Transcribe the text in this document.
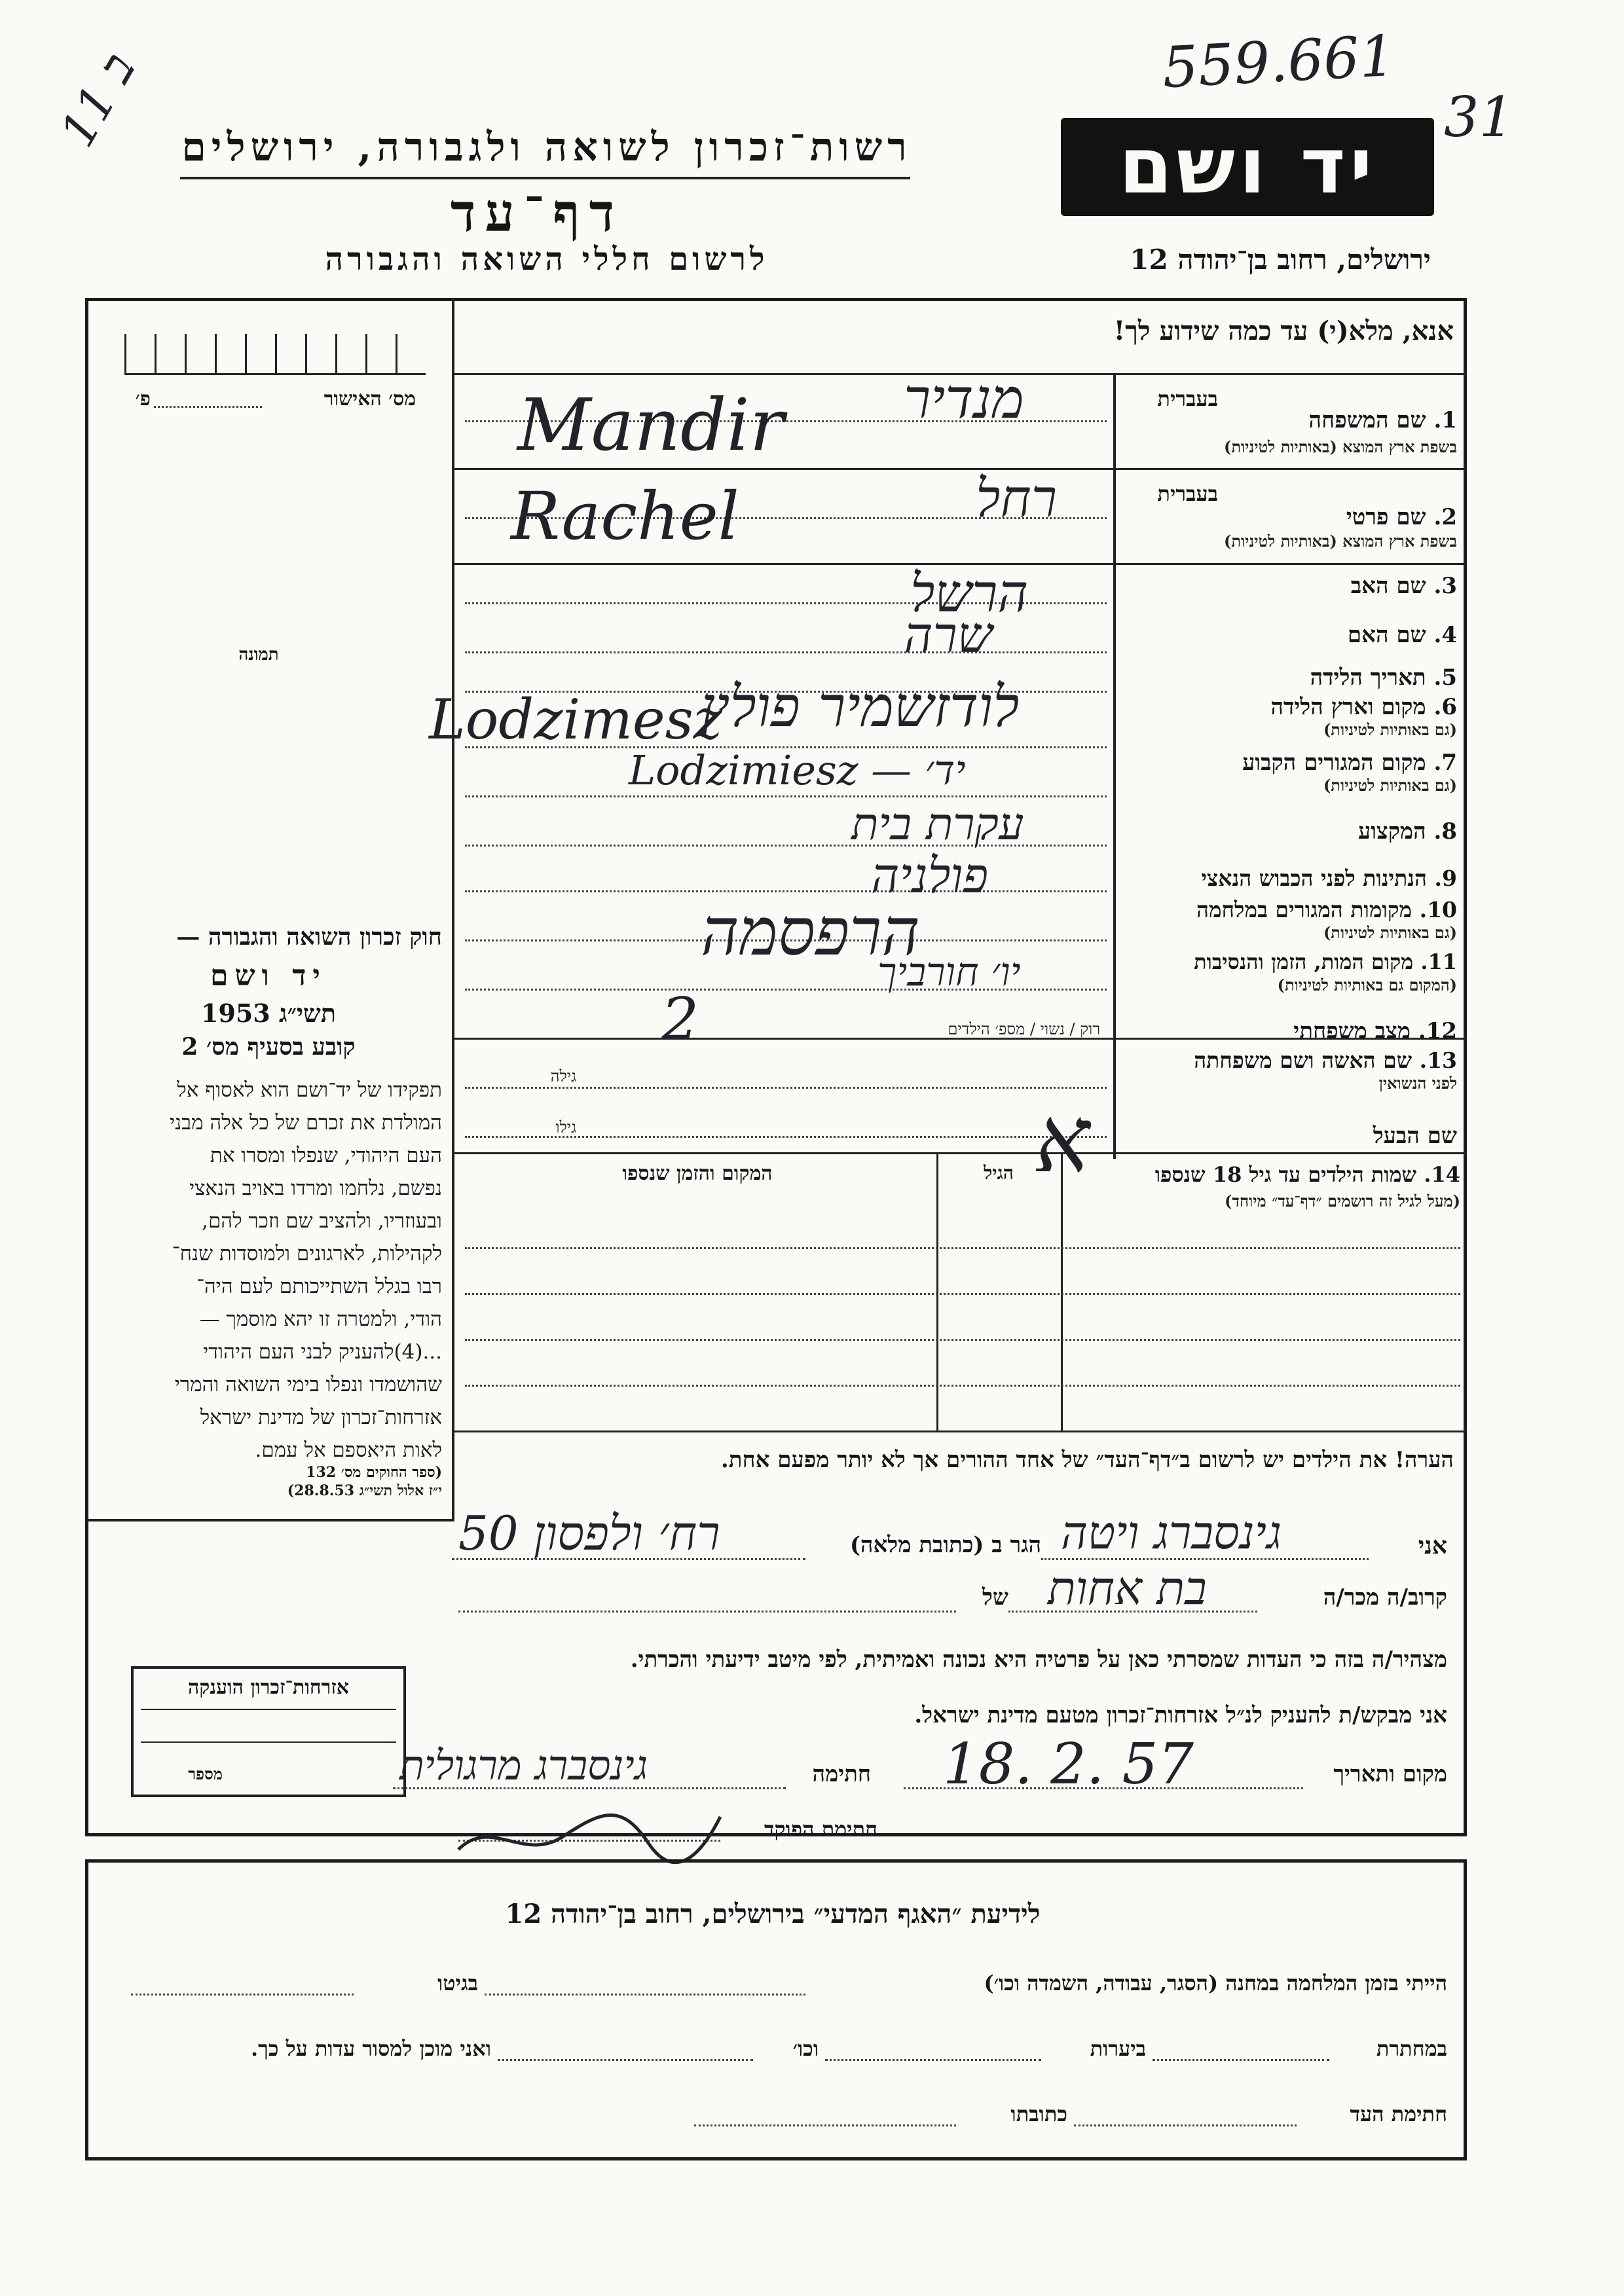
559.661
31
ב 11
יד ושם
רשות־זכרון לשואה ולגבורה, ירושלים
דף־עד
לרשום חללי השואה והגבורה	ירושלים, רחוב בן־יהודה 12
אנא, מלא(י) עד כמה שידוע לך!
מס׳ האישור
פ׳
תמונה
חוק זכרון השואה והגבורה —
יד ושם
תשי״ג 1953
קובע בסעיף מס׳ 2
תפקידו של יד־ושם הוא לאסוף אל
המולדת את זכרם של כל אלה מבני
העם היהודי, שנפלו ומסרו את
נפשם, נלחמו ומרדו באויב הנאצי
ובעוזריו, ולהציב שם וזכר להם,
לקהילות, לארגונים ולמוסדות שנח־
רבו בגלל השתייכותם לעם היה־
הודי, ולמטרה זו יהא מוסמך —
...(4)להעניק לבני העם היהודי
שהושמדו ונפלו בימי השואה והמרי
אזרחות־זכרון של מדינת ישראל
לאות היאספם אל עמם.
(ספר החוקים מס׳ 132
י״ז אלול תשי״ג 28.8.53)
בעברית
1. שם המשפחה
בשפת ארץ המוצא (באותיות לטיניות)
בעברית
2. שם פרטי
בשפת ארץ המוצא (באותיות לטיניות)
3. שם האב
4. שם האם
5. תאריך הלידה
6. מקום וארץ הלידה
(גם באותיות לטיניות)
7. מקום המגורים הקבוע
(גם באותיות לטיניות)
8. המקצוע
9. הנתינות לפני הכבוש הנאצי
10. מקומות המגורים במלחמה
(גם באותיות לטיניות)
11. מקום המות, הזמן והנסיבות
(המקום גם באותיות לטיניות)
12. מצב משפחתי
רוק / נשוי / מספ׳ הילדים
13. שם האשה ושם משפחתה
לפני הנשואין
גילה
שם הבעל
גילו
14. שמות הילדים עד גיל 18 שנספו
(מעל לגיל זה רושמים ״דף־עד״ מיוחד)
הגיל
המקום והזמן שנספו
מנדיר
Mandir
רחל
Rachel
הרשל
שרה
לודזשמיר פולין
Lodzimesz
Lodzimiesz — יד׳
עקרת בית
פולניה
הרפסמה
יו׳ חורביך
2
א
הערה! את הילדים יש לרשום ב״דף־העד״ של אחד ההורים אך לא יותר מפעם אחת.
אני
גינסברג ויטה
הגר ב (כתובת מלאה)
רח׳ ולפסון 50
קרוב/ה מכר/ה
בת אחות
של
מצהיר/ה בזה כי העדות שמסרתי כאן על פרטיה היא נכונה ואמיתית, לפי מיטב ידיעתי והכרתי.
אני מבקש/ת להעניק לנ״ל אזרחות־זכרון מטעם מדינת ישראל.
מקום ותאריך
18. 2. 57
חתימה
גינסברג מרגולית
חתימת הפוקד
אזרחות־זכרון הוענקה
מספר
לידיעת ״האגף המדעי״ בירושלים, רחוב בן־יהודה 12
הייתי בזמן המלחמה במחנה (הסגר, עבודה, השמדה וכו׳)
בגיטו
במחתרת
ביערות
וכו׳
ואני מוכן למסור עדות על כך.
חתימת העד
כתובתו
